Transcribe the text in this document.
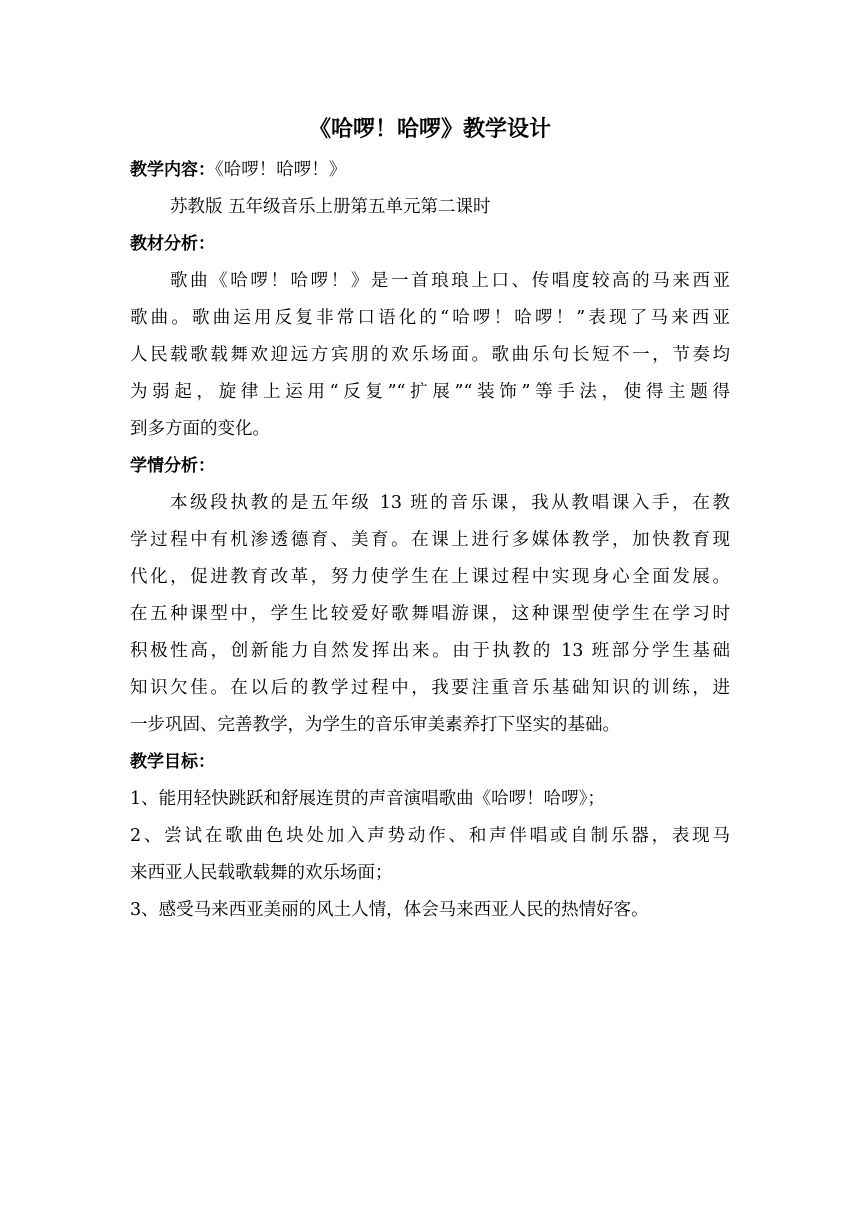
《哈啰！哈啰》教学设计

教学内容：《哈啰！哈啰！》

苏教版 五年级音乐上册第五单元第二课时

教材分析：

歌曲《哈啰！哈啰！》是一首琅琅上口、传唱度较高的马来西亚
歌曲。歌曲运用反复非常口语化的“哈啰！哈啰！”表现了马来西亚
人民载歌载舞欢迎远方宾朋的欢乐场面。歌曲乐句长短不一，节奏均
为弱起，旋律上运用“反复”“扩展”“装饰”等手法，使得主题得
到多方面的变化。

学情分析：

本级段执教的是五年级 13 班的音乐课，我从教唱课入手，在教
学过程中有机渗透德育、美育。在课上进行多媒体教学，加快教育现
代化，促进教育改革，努力使学生在上课过程中实现身心全面发展。
在五种课型中，学生比较爱好歌舞唱游课，这种课型使学生在学习时
积极性高，创新能力自然发挥出来。由于执教的 13 班部分学生基础
知识欠佳。在以后的教学过程中，我要注重音乐基础知识的训练，进
一步巩固、完善教学，为学生的音乐审美素养打下坚实的基础。

教学目标：

1、能用轻快跳跃和舒展连贯的声音演唱歌曲《哈啰！哈啰》；

2、尝试在歌曲色块处加入声势动作、和声伴唱或自制乐器，表现马
来西亚人民载歌载舞的欢乐场面；

3、感受马来西亚美丽的风土人情，体会马来西亚人民的热情好客。
